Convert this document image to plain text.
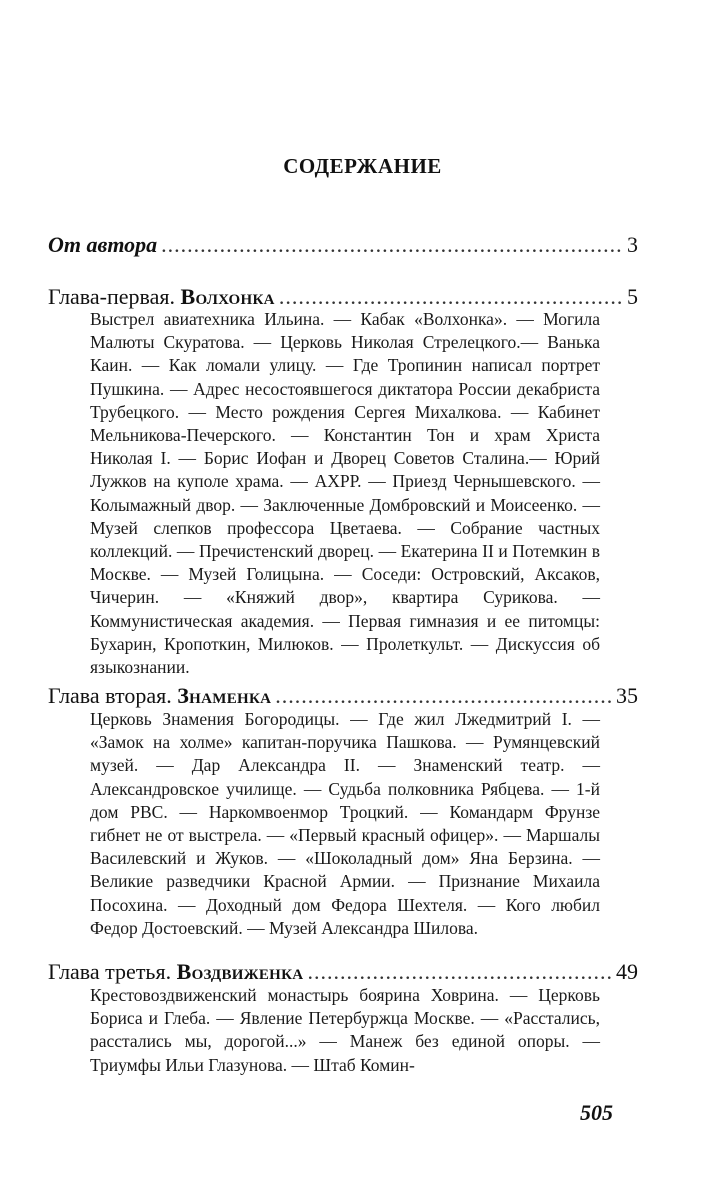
СОДЕРЖАНИЕ
От автора .....	3
Глава-первая. Волхонка .....	5
Выстрел авиатехника Ильина. — Кабак «Волхонка». — Могила Малюты Скуратова. — Церковь Николая Стрелецкого.— Ванька Каин. — Как ломали улицу. — Где Тропинин написал портрет Пушкина. — Адрес несостоявшегося диктатора России декабриста Трубецкого. — Место рождения Сергея Михалкова. — Кабинет Мельникова-Печерского. — Константин Тон и храм Христа Николая I. — Борис Иофан и Дворец Советов Сталина.— Юрий Лужков на куполе храма. — АХРР. — Приезд Чернышевского. — Колымажный двор. — Заключенные Домбровский и Моисеенко. — Музей слепков профессора Цветаева. — Собрание частных коллекций. — Пречистенский дворец. — Екатерина II и Потемкин в Москве. — Музей Голицына. — Соседи: Островский, Аксаков, Чичерин. — «Княжий двор», квартира Сурикова. — Коммунистическая академия. — Первая гимназия и ее питомцы: Бухарин, Кропоткин, Милюков. — Пролеткульт. — Дискуссия об языкознании.
Глава вторая. Знаменка .....	35
Церковь Знамения Богородицы. — Где жил Лжедмитрий I. — «Замок на холме» капитан-поручика Пашкова. — Румянцевский музей. — Дар Александра II. — Знаменский театр. — Александровское училище. — Судьба полковника Рябцева. — 1-й дом РВС. — Наркомвоенмор Троцкий. — Командарм Фрунзе гибнет не от выстрела. — «Первый красный офицер». — Маршалы Василевский и Жуков. — «Шоколадный дом» Яна Берзина. — Великие разведчики Красной Армии. — Признание Михаила Посохина. — Доходный дом Федора Шехтеля. — Кого любил Федор Достоевский. — Музей Александра Шилова.
Глава третья. Воздвиженка .....	49
Крестовоздвиженский монастырь боярина Ховрина. — Церковь Бориса и Глеба. — Явление Петербуржца Москве. — «Расстались, расстались мы, дорогой...» — Манеж без единой опоры. — Триумфы Ильи Глазунова. — Штаб Комин-
505
